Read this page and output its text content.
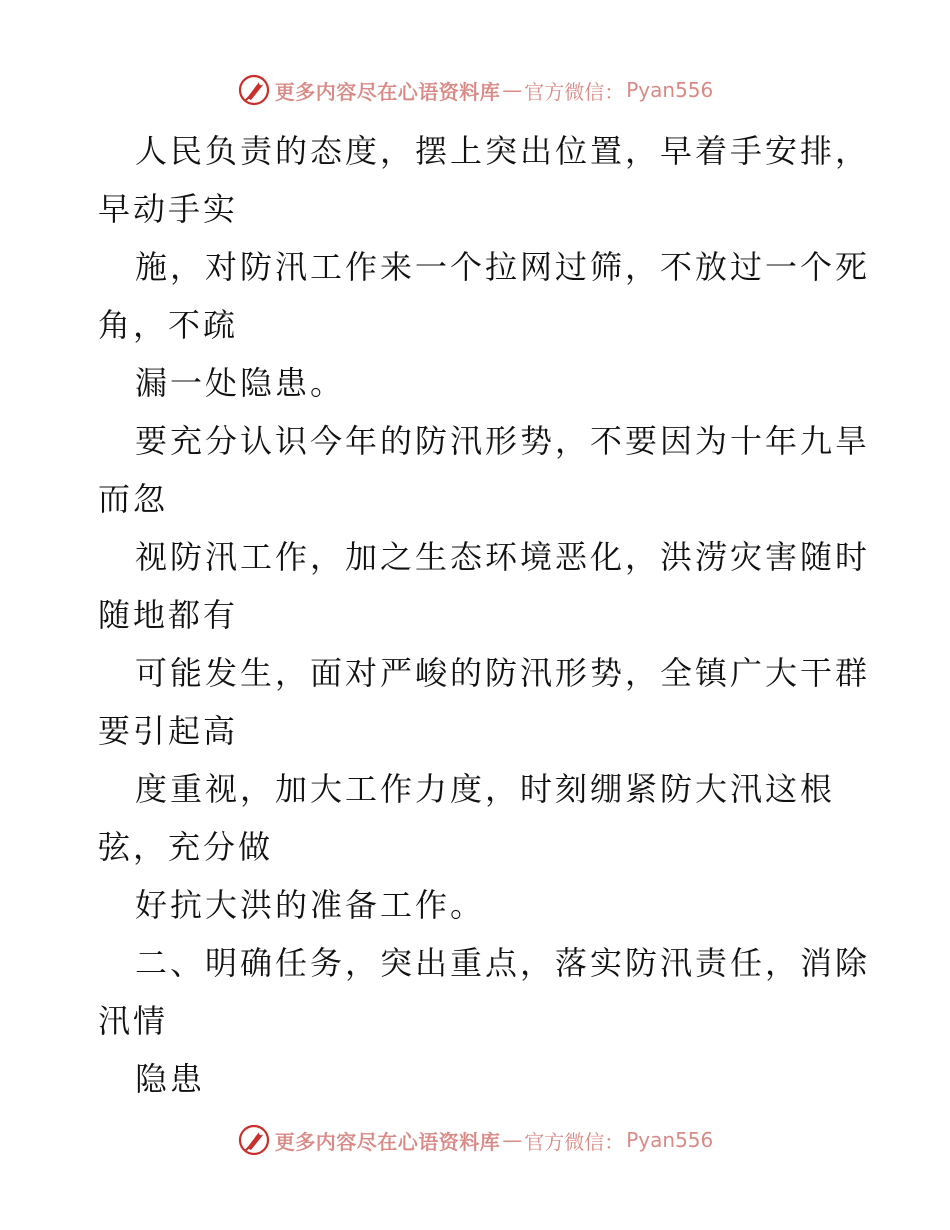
更多内容尽在心语资料库 — 官方微信： Pyan556
人民负责的态度，摆上突出位置，早着手安排，
早动手实
施，对防汛工作来一个拉网过筛，不放过一个死
角，不疏
漏一处隐患。
要充分认识今年的防汛形势，不要因为十年九旱
而忽
视防汛工作，加之生态环境恶化，洪涝灾害随时
随地都有
可能发生，面对严峻的防汛形势，全镇广大干群
要引起高
度重视，加大工作力度，时刻绷紧防大汛这根
弦，充分做
好抗大洪的准备工作。
二、明确任务，突出重点，落实防汛责任，消除
汛情
隐患
更多内容尽在心语资料库 — 官方微信： Pyan556
